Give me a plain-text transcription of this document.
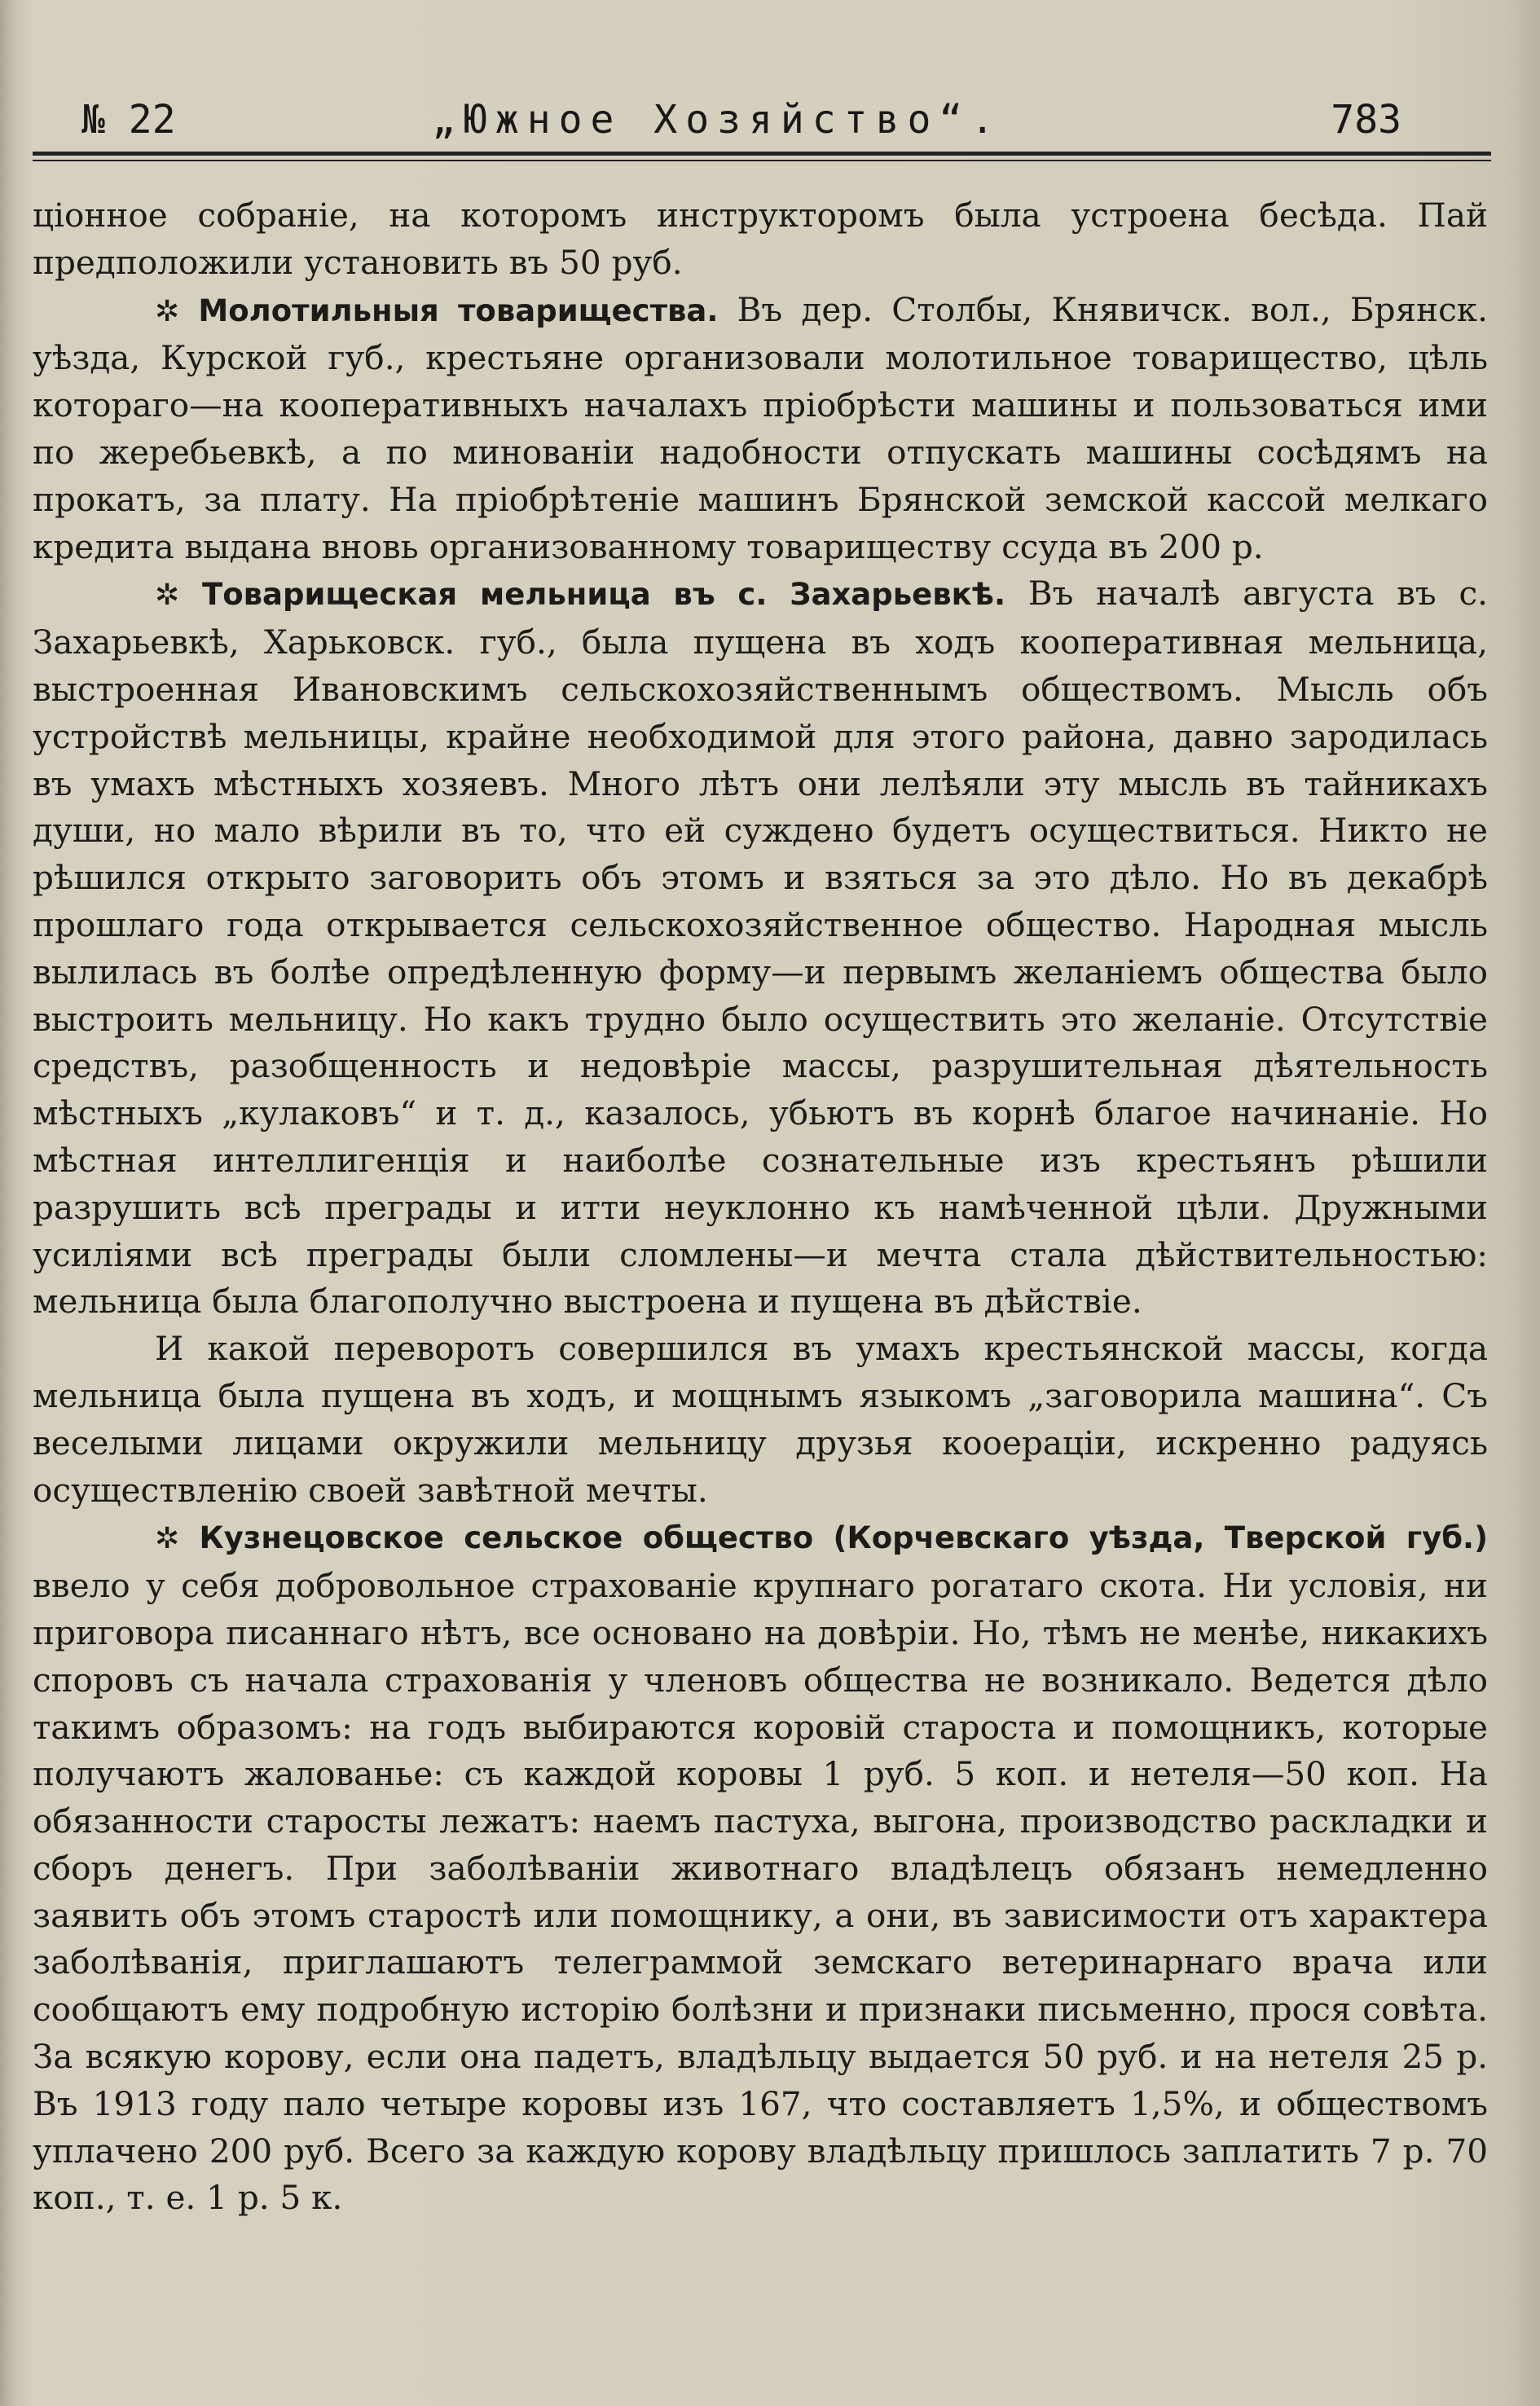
№ 22	„Южное Хозяйство“.	783

ціонное собраніе, на которомъ инструкторомъ была устроена бесѣда. Пай предположили установить въ 50 руб.

✲ Молотильныя товарищества. Въ дер. Столбы, Княвичск. вол., Брянск. уѣзда, Курской губ., крестьяне организовали молотильное товарищество, цѣль котораго—на кооперативныхъ началахъ пріобрѣсти машины и пользоваться ими по жеребьевкѣ, а по минованіи надобности отпускать машины сосѣдямъ на прокатъ, за плату. На пріобрѣтеніе машинъ Брянской земской кассой мелкаго кредита выдана вновь организованному товариществу ссуда въ 200 р.

✲ Товарищеская мельница въ с. Захарьевкѣ. Въ началѣ августа въ с. Захарьевкѣ, Харьковск. губ., была пущена въ ходъ кооперативная мельница, выстроенная Ивановскимъ сельскохозяйственнымъ обществомъ. Мысль объ устройствѣ мельницы, крайне необходимой для этого района, давно зародилась въ умахъ мѣстныхъ хозяевъ. Много лѣтъ они лелѣяли эту мысль въ тайникахъ души, но мало вѣрили въ то, что ей суждено будетъ осуществиться. Никто не рѣшился открыто заговорить объ этомъ и взяться за это дѣло. Но въ декабрѣ прошлаго года открывается сельскохозяйственное общество. Народная мысль вылилась въ болѣе опредѣленную форму—и первымъ желаніемъ общества было выстроить мельницу. Но какъ трудно было осуществить это желаніе. Отсутствіе средствъ, разобщенность и недовѣріе массы, разрушительная дѣятельность мѣстныхъ „кулаковъ“ и т. д., казалось, убьютъ въ корнѣ благое начинаніе. Но мѣстная интеллигенція и наиболѣе сознательные изъ крестьянъ рѣшили разрушить всѣ преграды и итти неуклонно къ намѣченной цѣли. Дружными усиліями всѣ преграды были сломлены—и мечта стала дѣйствительностью: мельница была благополучно выстроена и пущена въ дѣйствіе.

И какой переворотъ совершился въ умахъ крестьянской массы, когда мельница была пущена въ ходъ, и мощнымъ языкомъ „заговорила машина“. Съ веселыми лицами окружили мельницу друзья кооераціи, искренно радуясь осуществленію своей завѣтной мечты.

✲ Кузнецовское сельское общество (Корчевскаго уѣзда, Тверской губ.) ввело у себя добровольное страхованіе крупнаго рогатаго скота. Ни условія, ни приговора писаннаго нѣтъ, все основано на довѣріи. Но, тѣмъ не менѣе, никакихъ споровъ съ начала страхованія у членовъ общества не возникало. Ведется дѣло такимъ образомъ: на годъ выбираются коровій староста и помощникъ, которые получаютъ жалованье: съ каждой коровы 1 руб. 5 коп. и нетеля—50 коп. На обязанности старосты лежатъ: наемъ пастуха, выгона, производство раскладки и сборъ денегъ. При заболѣваніи животнаго владѣлецъ обязанъ немедленно заявить объ этомъ старостѣ или помощнику, а они, въ зависимости отъ характера заболѣванія, приглашаютъ телеграммой земскаго ветеринарнаго врача или сообщаютъ ему подробную исторію болѣзни и признаки письменно, прося совѣта. За всякую корову, если она падетъ, владѣльцу выдается 50 руб. и на нетеля 25 р. Въ 1913 году пало четыре коровы изъ 167, что составляетъ 1,5%, и обществомъ уплачено 200 руб. Всего за каждую корову владѣльцу пришлось заплатить 7 р. 70 коп., т. е. 1 р. 5 к.
